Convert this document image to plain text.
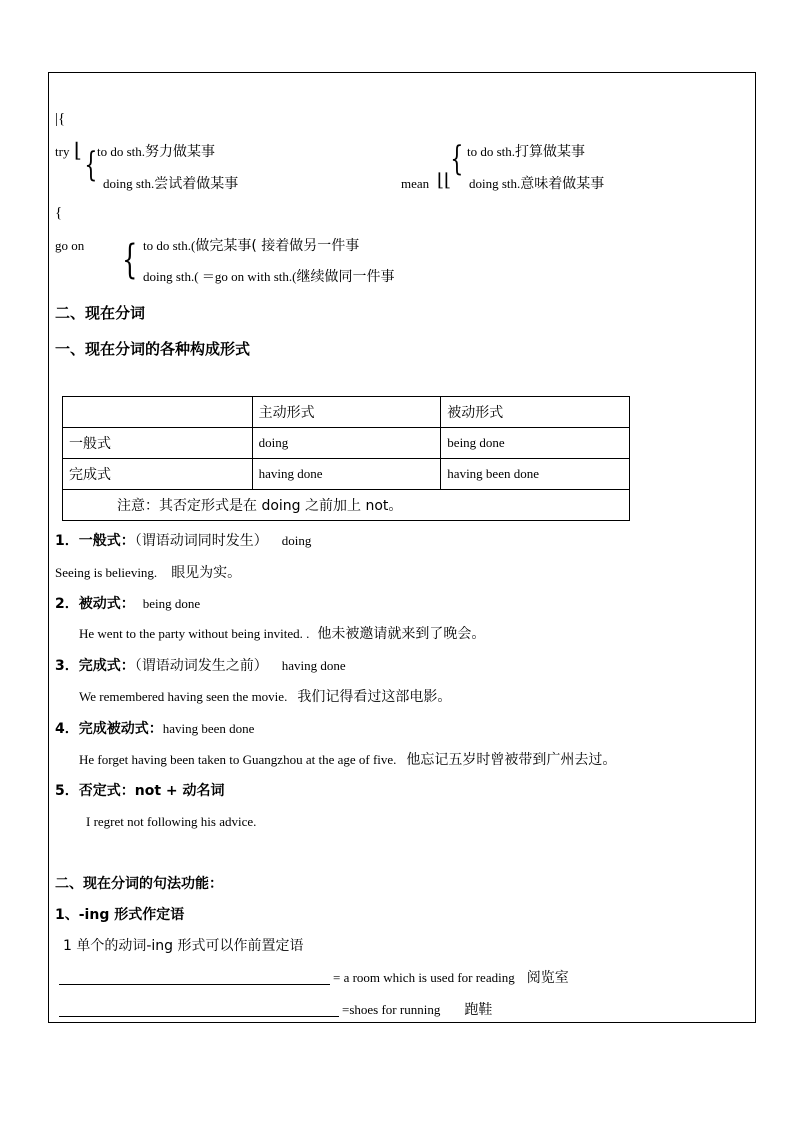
|{
try ⌊ { to do sth.努力做某事
doing sth.尝试着做某事
{ to do sth.打算做某事
mean ⌊⌊ doing sth.意味着做某事
{
go on { to do sth.(做完某事( 接着做另一件事
doing sth.( ＝go on with sth.(继续做同一件事
二、现在分词
一、现在分词的各种构成形式
	主动形式	被动形式
一般式	doing	being done
完成式	having done	having been done
注意：其否定形式是在 doing 之前加上 not。		
1．一般式：（谓语动词同时发生） doing
Seeing is believing. 眼见为实。
2．被动式： being done
He went to the party without being invited. . 他未被邀请就来到了晚会。
3．完成式：（谓语动词发生之前） having done
We remembered having seen the movie. 我们记得看过这部电影。
4．完成被动式：having been done
He forget having been taken to Guangzhou at the age of five. 他忘记五岁时曾被带到广州去过。
5．否定式：not + 动名词
I regret not following his advice.
二、现在分词的句法功能：
1、-ing 形式作定语
1 单个的动词-ing 形式可以作前置定语
= a room which is used for reading 阅览室
=shoes for running 跑鞋
